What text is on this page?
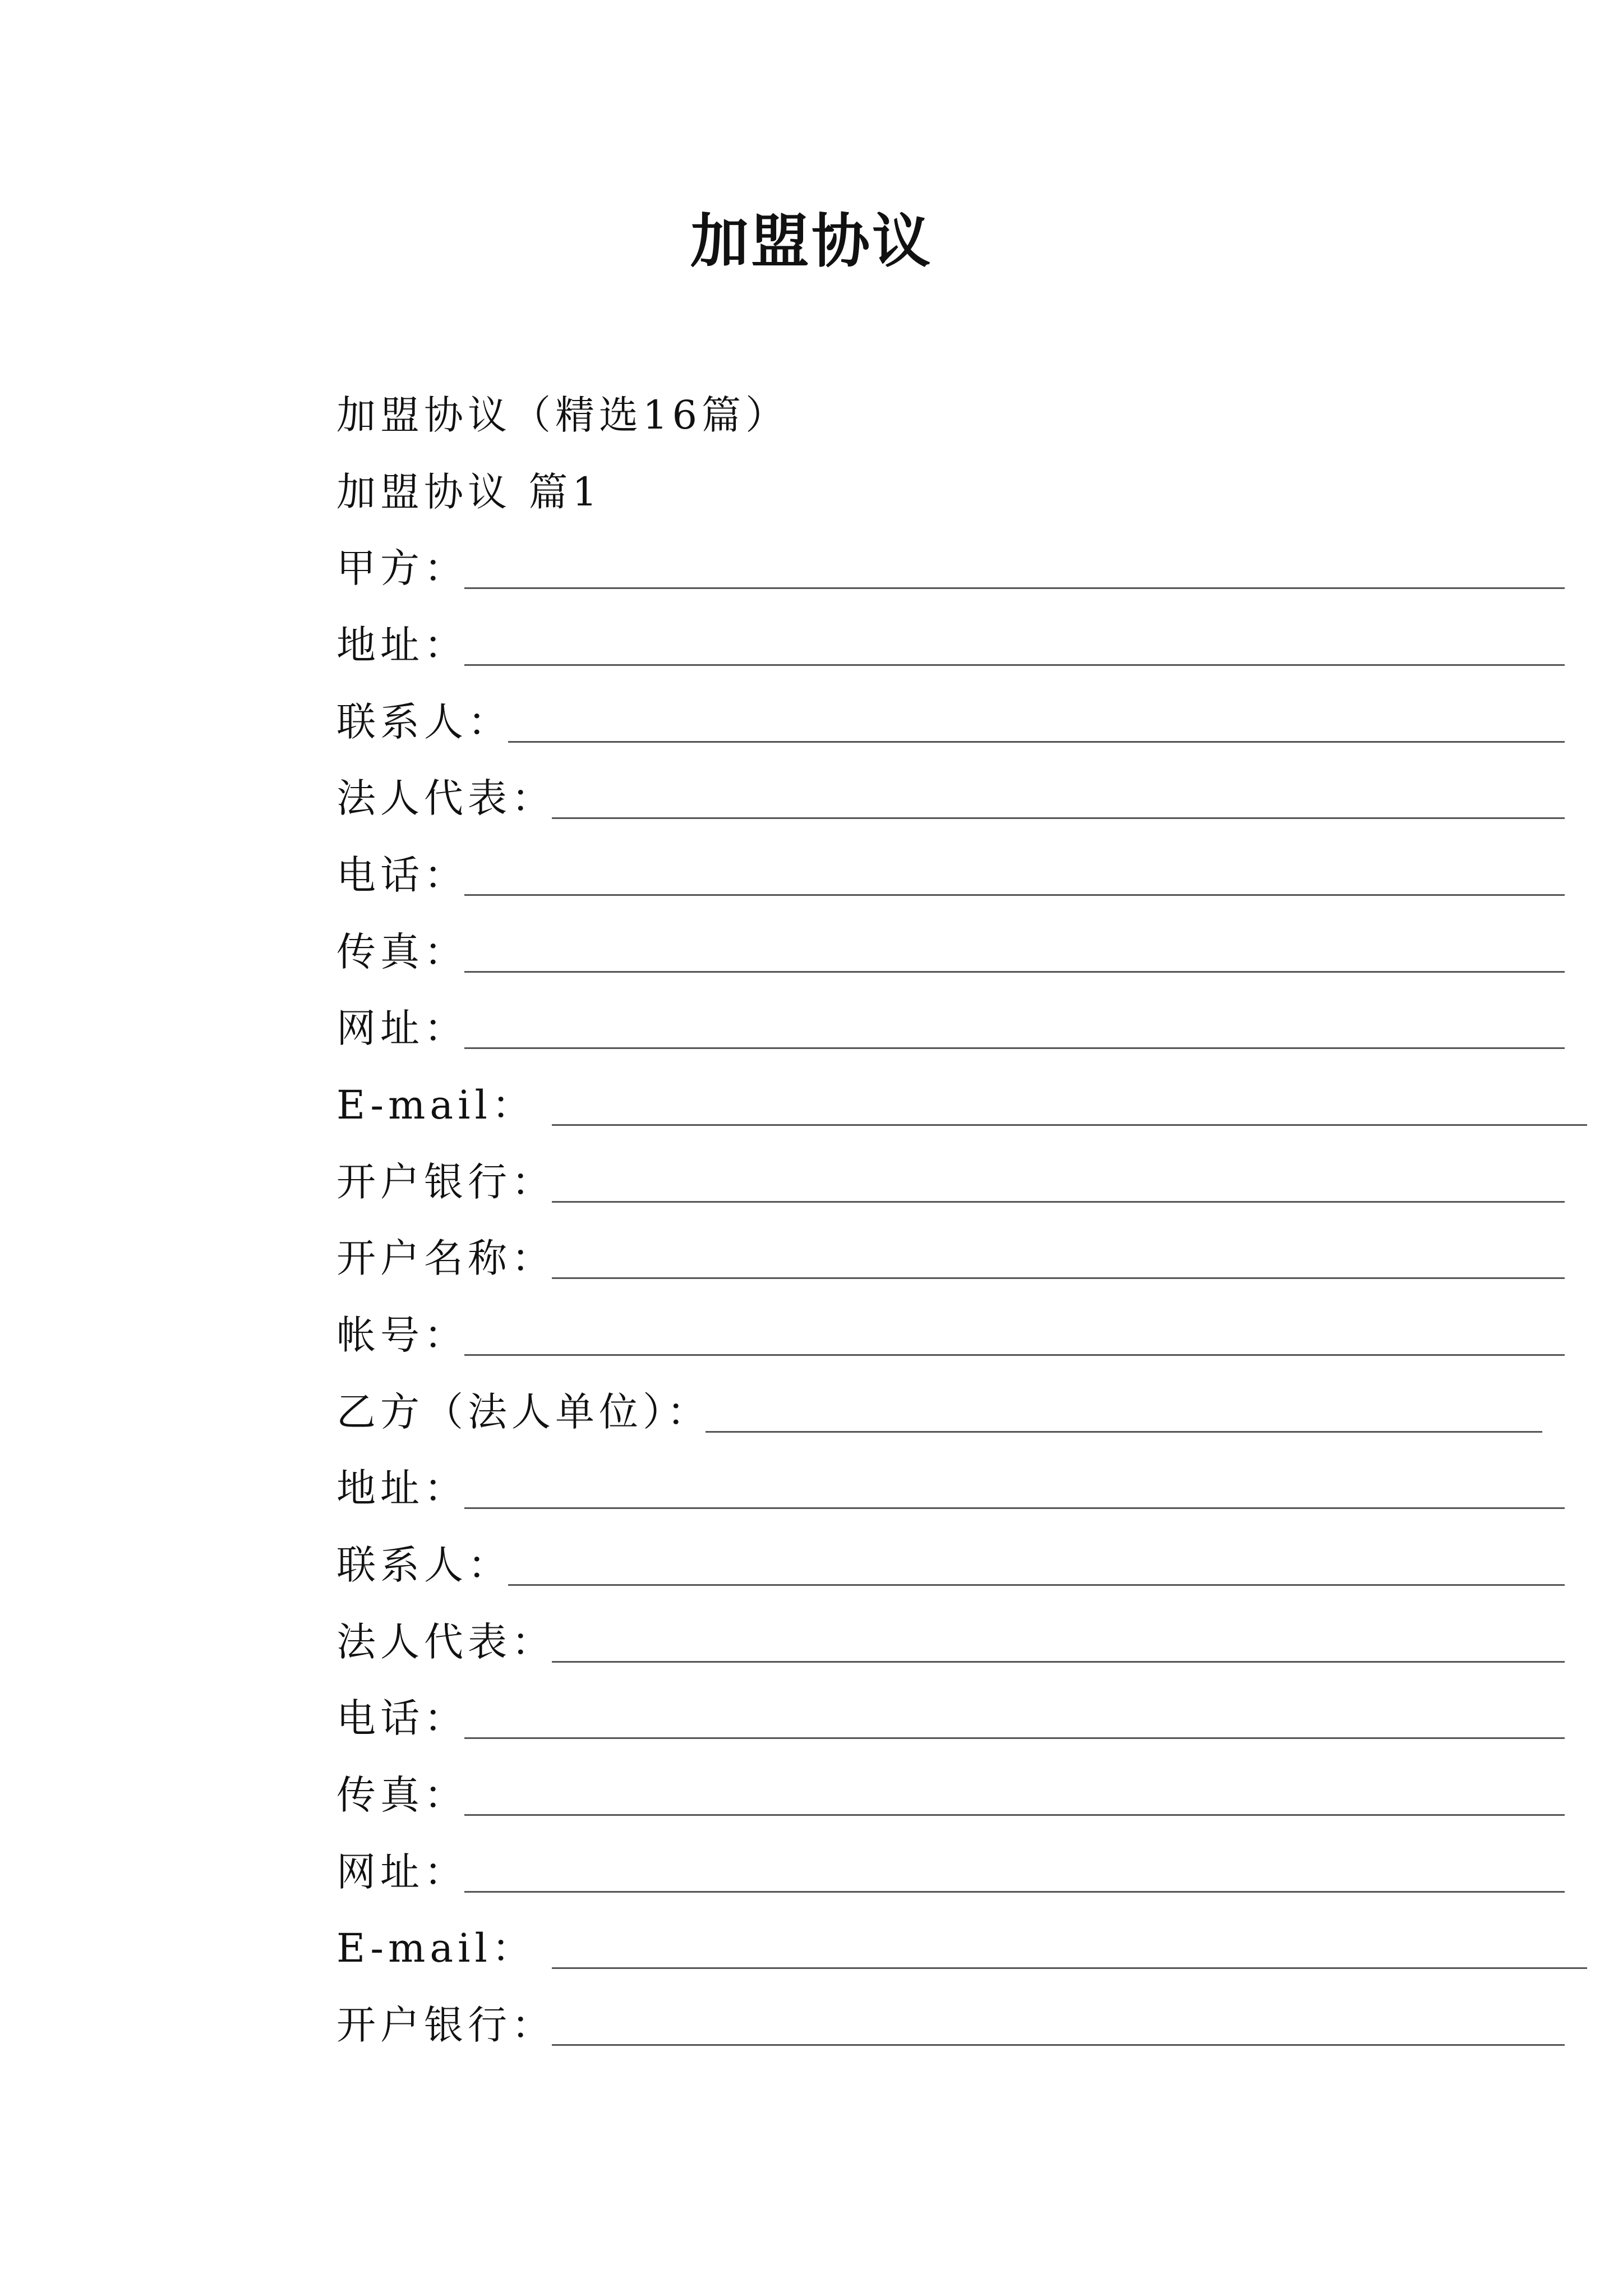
加盟协议
加盟协议（精选16篇）
加盟协议 篇1
甲方：
地址：
联系人：
法人代表：
电话：
传真：
网址：
E-mail：
开户银行：
开户名称：
帐号：
乙方（法人单位）：
地址：
联系人：
法人代表：
电话：
传真：
网址：
E-mail：
开户银行：
